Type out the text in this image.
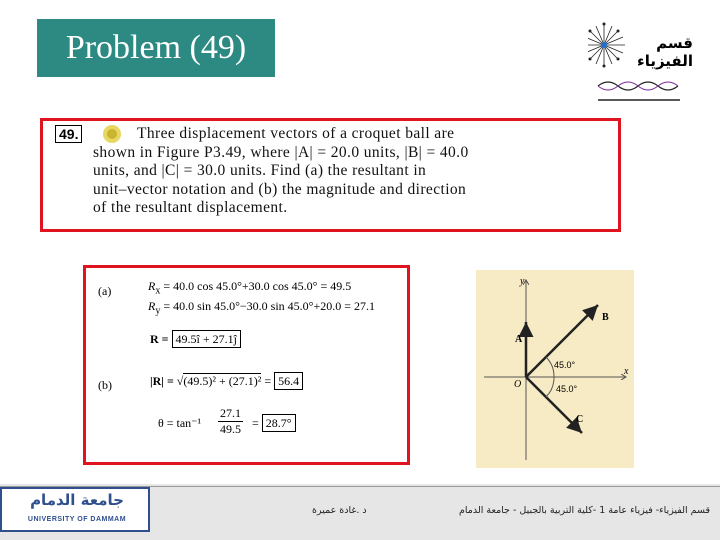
Problem (49)	قسم الفيزياء
49.	Three displacement vectors of a croquet ball are
shown in Figure P3.49, where |A| = 20.0 units, |B| = 40.0
units, and |C| = 30.0 units. Find (a) the resultant in
unit–vector notation and (b) the magnitude and direction
of the resultant displacement.
(a)	$R_x = 40.0$ cos 45.0°+30.0 cos 45.0° = 49.5
$R_y = 40.0$ sin 45.0°−30.0 sin 45.0°+20.0 = 27.1
R = 49.5î + 27.1ĵ
(b)	|R| = √(49.5)² + (27.1)² = 56.4
$\theta = \tan^{-1} \frac{27.1}{49.5} = 28.7^\circ$
y
x
O
A
B
C
45.0°
45.0°
جامعة الدمام
UNIVERSITY OF DAMMAM
د .غادة عميرة	قسم الفيزياء- فيزياء عامة 1 -كلية التربية بالجبيل - جامعة الدمام
